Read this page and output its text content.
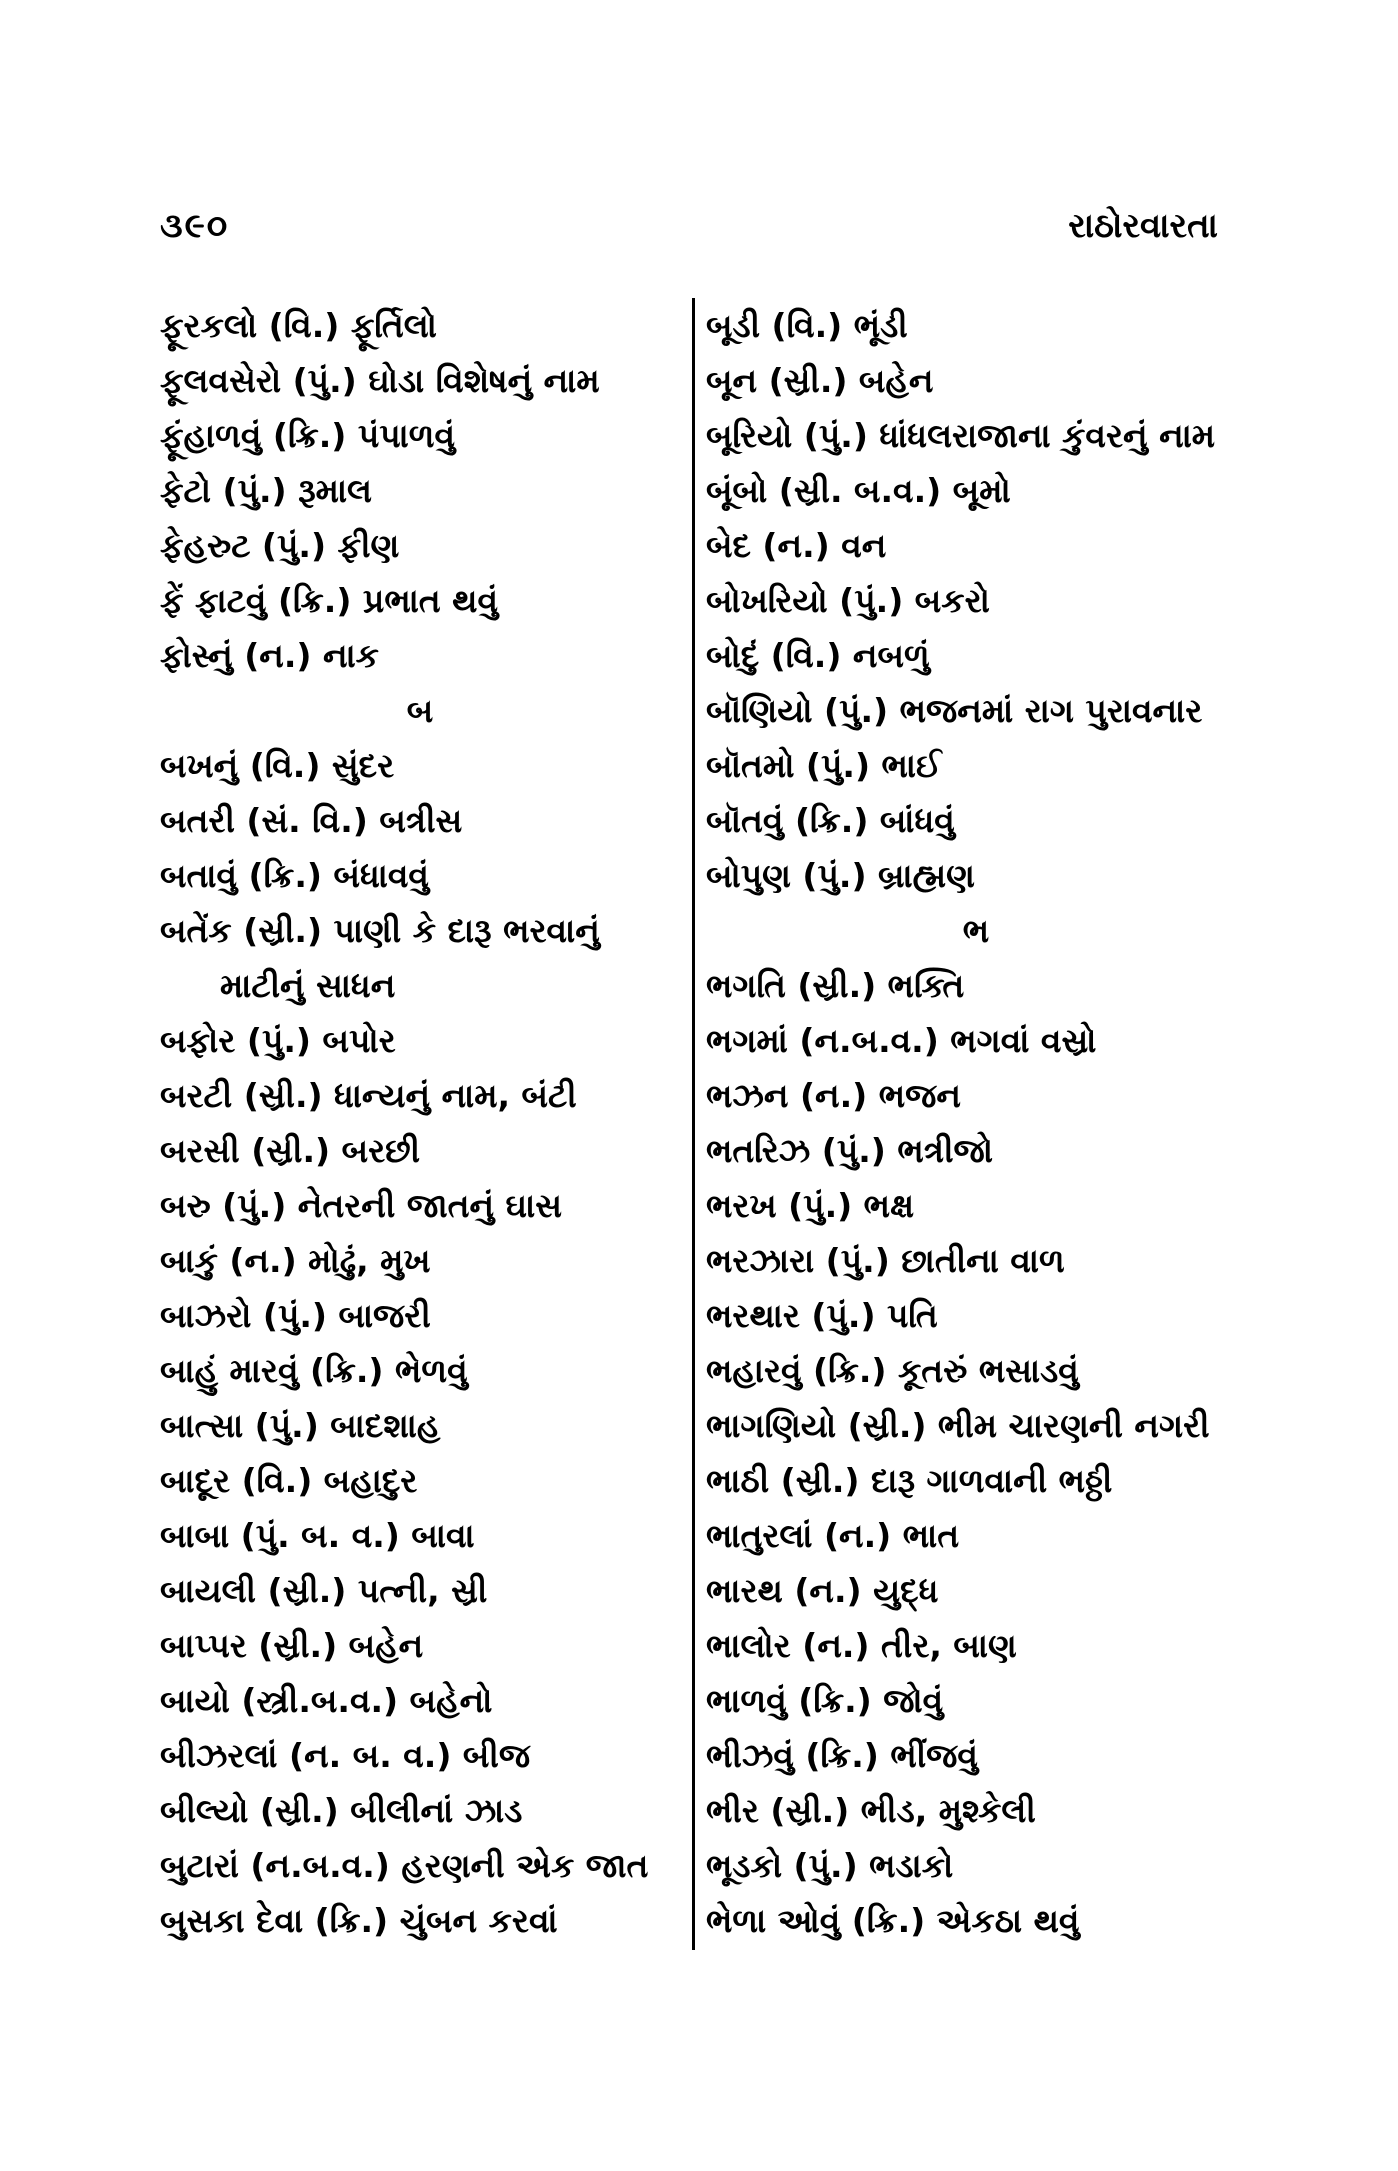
૩૯૦	રાઠોરવારતા
ફૂરકલો (વિ.) ફૂર્તિલો
ફૂલવસેરો (પું.) ઘોડા વિશેષનું નામ
ફૂંહાળવું (ક્રિ.) પંપાળવું
ફેટો (પું.) રૂમાલ
ફેહરુટ (પું.) ફીણ
ફેં ફાટવું (ક્રિ.) પ્રભાત થવું
ફોસ્નું (ન.) નાક
બ
બખનું (વિ.) સુંદર
બતરી (સં. વિ.) બત્રીસ
બતાવું (ક્રિ.) બંધાવવું
બતેંક (સ્રી.) પાણી કે દારૂ ભરવાનું
માટીનું સાધન
બફોર (પું.) બપોર
બરટી (સ્રી.) ધાન્યનું નામ, બંટી
બરસી (સ્રી.) બરછી
બરુ (પું.) નેતરની જાતનું ઘાસ
બાકું (ન.) મોઢું, મુખ
બાઝરો (પું.) બાજરી
બાહું મારવું (ક્રિ.) ભેળવું
બાત્સા (પું.) બાદશાહ
બાદૂર (વિ.) બહાદુર
બાબા (પું. બ. વ.) બાવા
બાયલી (સ્રી.) પત્ની, સ્રી
બાપ્પર (સ્રી.) બહેન
બાયો (સ્ત્રી.બ.વ.) બહેનો
બીઝરલાં (ન. બ. વ.) બીજ
બીલ્યો (સ્રી.) બીલીનાં ઝાડ
બુટારાં (ન.બ.વ.) હરણની એક જાત
બુસકા દેવા (ક્રિ.) ચુંબન કરવાં
બૂડી (વિ.) ભૂંડી
બૂન (સ્રી.) બહેન
બૂરિયો (પું.) ધાંધલરાજાના કુંવરનું નામ
બૂંબો (સ્રી. બ.વ.) બૂમો
બેદ (ન.) વન
બોખરિયો (પું.) બકરો
બોદું (વિ.) નબળું
બૉણિયો (પું.) ભજનમાં રાગ પુરાવનાર
બૉતમો (પું.) ભાઈ
બૉતવું (ક્રિ.) બાંધવું
બોપુણ (પું.) બ્રાહ્મણ
ભ
ભગતિ (સ્રી.) ભક્તિ
ભગમાં (ન.બ.વ.) ભગવાં વસ્રો
ભઝન (ન.) ભજન
ભતરિઝ (પું.) ભત્રીજો
ભરખ (પું.) ભક્ષ
ભરઝારા (પું.) છાતીના વાળ
ભરથાર (પું.) પતિ
ભહારવું (ક્રિ.) કૂતરું ભસાડવું
ભાગણિયો (સ્રી.) ભીમ ચારણની નગરી
ભાઠી (સ્રી.) દારૂ ગાળવાની ભઠ્ઠી
ભાતુરલાં (ન.) ભાત
ભારથ (ન.) યુદ્ધ
ભાલોર (ન.) તીર, બાણ
ભાળવું (ક્રિ.) જોવું
ભીઝવું (ક્રિ.) ભીંજવું
ભીર (સ્રી.) ભીડ, મુશ્કેલી
ભૂડકો (પું.) ભડાકો
ભેળા ઓવું (ક્રિ.) એકઠા થવું
